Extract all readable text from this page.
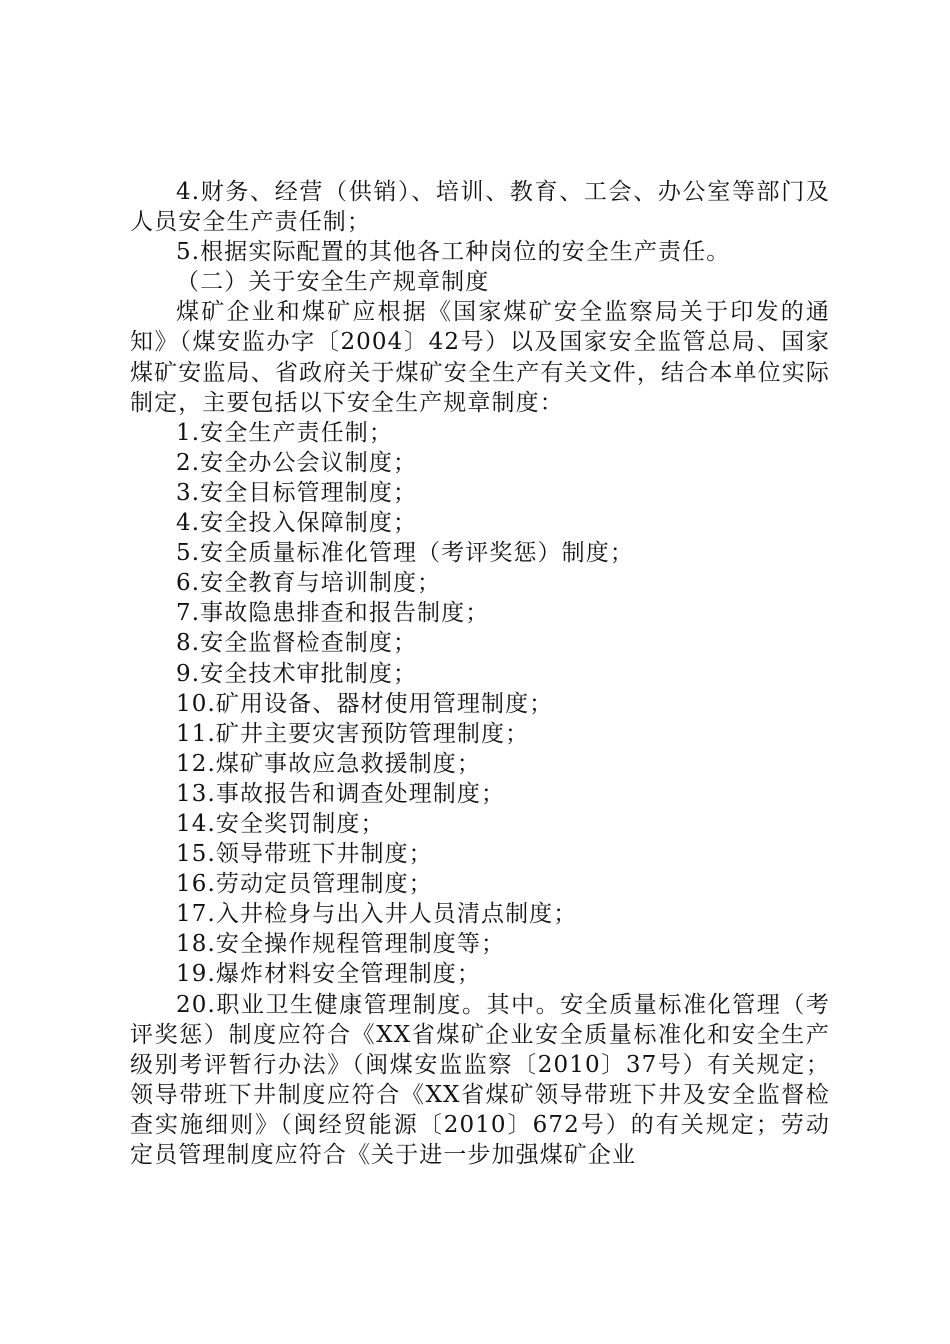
4.财务、经营（供销）、培训、教育、工会、办公室等部门及人员安全生产责任制；

5.根据实际配置的其他各工种岗位的安全生产责任。

（二）关于安全生产规章制度

煤矿企业和煤矿应根据《国家煤矿安全监察局关于印发的通知》（煤安监办字〔2004〕42号）以及国家安全监管总局、国家煤矿安监局、省政府关于煤矿安全生产有关文件，结合本单位实际制定，主要包括以下安全生产规章制度：

1.安全生产责任制；

2.安全办公会议制度；

3.安全目标管理制度；

4.安全投入保障制度；

5.安全质量标准化管理（考评奖惩）制度；

6.安全教育与培训制度；

7.事故隐患排查和报告制度；

8.安全监督检查制度；

9.安全技术审批制度；

10.矿用设备、器材使用管理制度；

11.矿井主要灾害预防管理制度；

12.煤矿事故应急救援制度；

13.事故报告和调查处理制度；

14.安全奖罚制度；

15.领导带班下井制度；

16.劳动定员管理制度；

17.入井检身与出入井人员清点制度；

18.安全操作规程管理制度等；

19.爆炸材料安全管理制度；

20.职业卫生健康管理制度。其中。安全质量标准化管理（考评奖惩）制度应符合《XX省煤矿企业安全质量标准化和安全生产级别考评暂行办法》（闽煤安监监察〔2010〕37号）有关规定；领导带班下井制度应符合《XX省煤矿领导带班下井及安全监督检查实施细则》（闽经贸能源〔2010〕672号）的有关规定；劳动定员管理制度应符合《关于进一步加强煤矿企业
